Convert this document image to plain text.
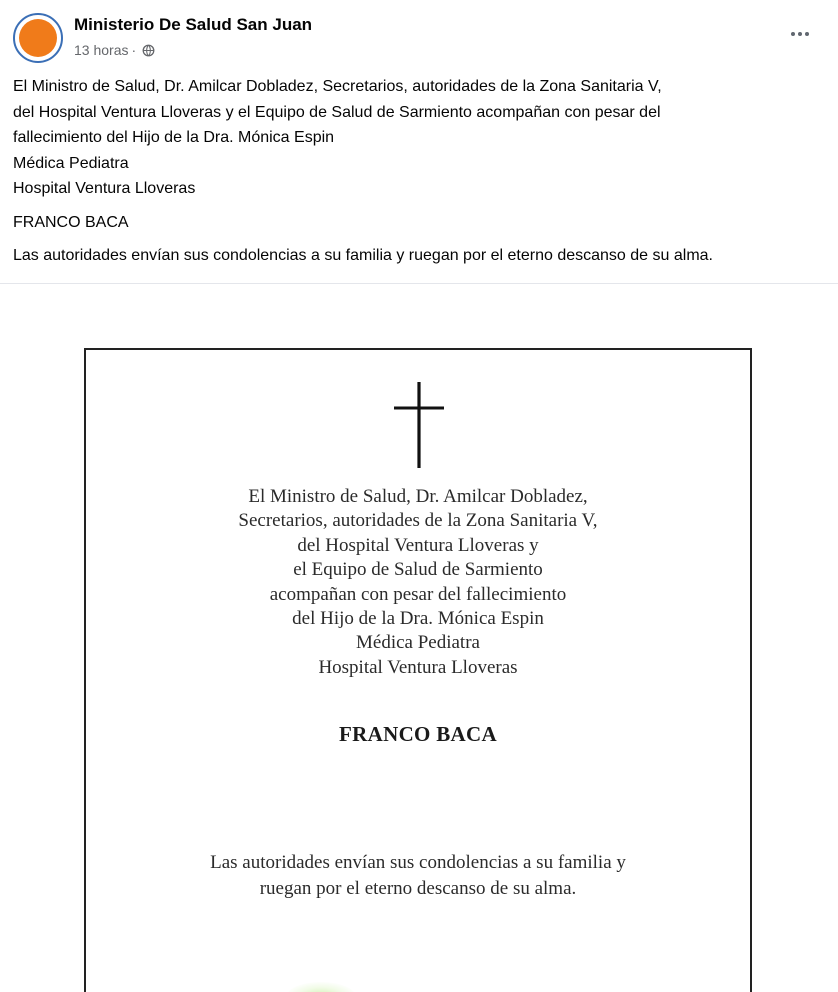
Ministerio De Salud San Juan
13 horas ·

El Ministro de Salud, Dr. Amilcar Dobladez, Secretarios, autoridades de la Zona Sanitaria V,

del Hospital Ventura Lloveras y el Equipo de Salud de Sarmiento acompañan con pesar del

fallecimiento del Hijo de la Dra. Mónica Espin

Médica Pediatra

Hospital Ventura Lloveras

FRANCO BACA

Las autoridades envían sus condolencias a su familia y ruegan por el eterno descanso de su alma.

El Ministro de Salud, Dr. Amilcar Dobladez,

Secretarios, autoridades de la Zona Sanitaria V,

del Hospital Ventura Lloveras y

el Equipo de Salud de Sarmiento

acompañan con pesar del fallecimiento

del Hijo de la Dra. Mónica Espin

Médica Pediatra

Hospital Ventura Lloveras

FRANCO BACA

Las autoridades envían sus condolencias a su familia y

ruegan por el eterno descanso de su alma.
